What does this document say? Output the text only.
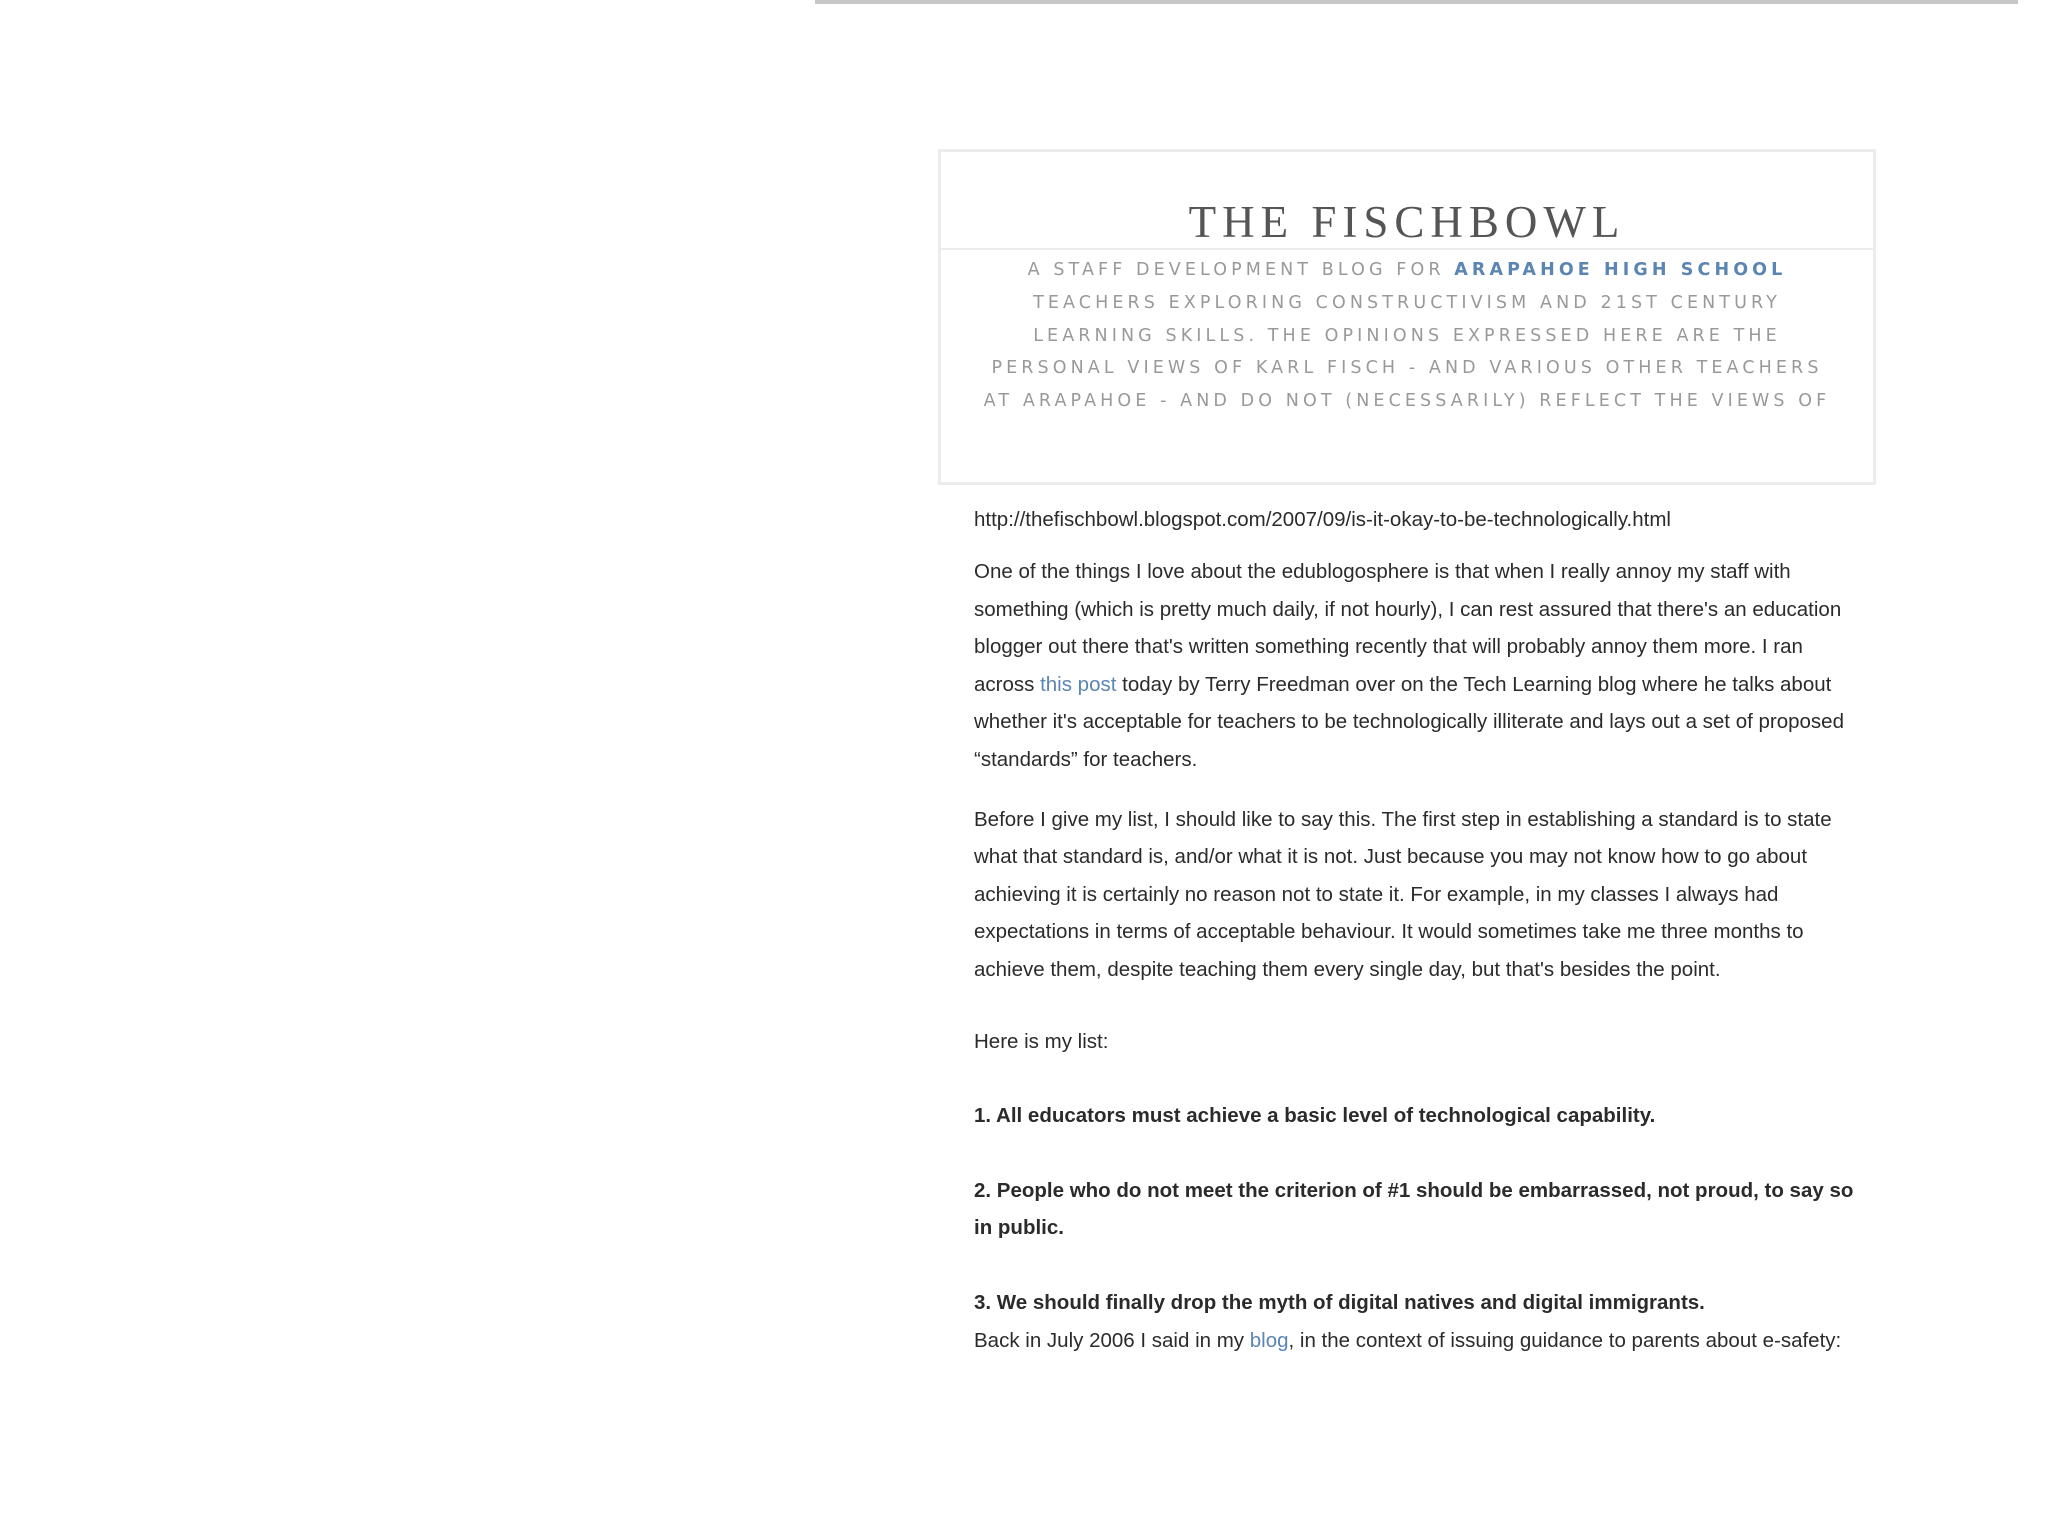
THE FISCHBOWL

A STAFF DEVELOPMENT BLOG FOR ARAPAHOE HIGH SCHOOL TEACHERS EXPLORING CONSTRUCTIVISM AND 21ST CENTURY LEARNING SKILLS. THE OPINIONS EXPRESSED HERE ARE THE PERSONAL VIEWS OF KARL FISCH - AND VARIOUS OTHER TEACHERS AT ARAPAHOE - AND DO NOT (NECESSARILY) REFLECT THE VIEWS OF

http://thefischbowl.blogspot.com/2007/09/is-it-okay-to-be-technologically.html

One of the things I love about the edublogosphere is that when I really annoy my staff with something (which is pretty much daily, if not hourly), I can rest assured that there's an education blogger out there that's written something recently that will probably annoy them more. I ran across this post today by Terry Freedman over on the Tech Learning blog where he talks about whether it's acceptable for teachers to be technologically illiterate and lays out a set of proposed “standards” for teachers.

Before I give my list, I should like to say this. The first step in establishing a standard is to state what that standard is, and/or what it is not. Just because you may not know how to go about achieving it is certainly no reason not to state it. For example, in my classes I always had expectations in terms of acceptable behaviour. It would sometimes take me three months to achieve them, despite teaching them every single day, but that's besides the point.

Here is my list:

1. All educators must achieve a basic level of technological capability.

2. People who do not meet the criterion of #1 should be embarrassed, not proud, to say so in public.

3. We should finally drop the myth of digital natives and digital immigrants.

Back in July 2006 I said in my blog, in the context of issuing guidance to parents about e-safety:
